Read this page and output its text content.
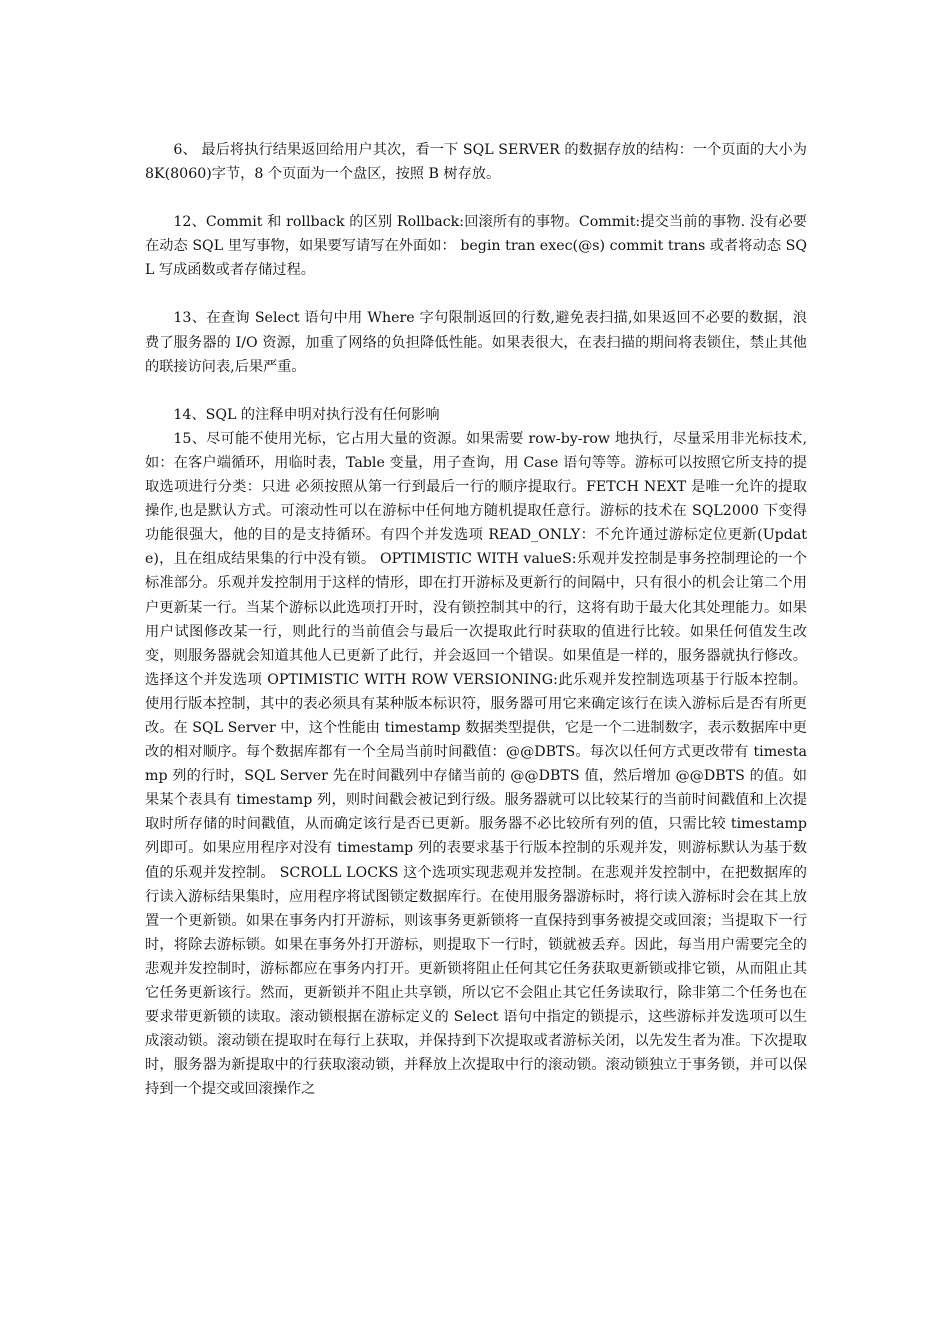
6、 最后将执行结果返回给用户其次，看一下 SQL SERVER 的数据存放的结构：一个页面的大小为 8K(8060)字节，8 个页面为一个盘区，按照 B 树存放。

12、Commit 和 rollback 的区别 Rollback:回滚所有的事物。Commit:提交当前的事物. 没有必要在动态 SQL 里写事物，如果要写请写在外面如： begin tran exec(@s) commit trans 或者将动态 SQL 写成函数或者存储过程。

13、在查询 Select 语句中用 Where 字句限制返回的行数,避免表扫描,如果返回不必要的数据，浪费了服务器的 I/O 资源，加重了网络的负担降低性能。如果表很大，在表扫描的期间将表锁住，禁止其他的联接访问表,后果严重。

14、SQL 的注释申明对执行没有任何影响

15、尽可能不使用光标，它占用大量的资源。如果需要 row-by-row 地执行，尽量采用非光标技术,如：在客户端循环，用临时表，Table 变量，用子查询，用 Case 语句等等。游标可以按照它所支持的提取选项进行分类：只进 必须按照从第一行到最后一行的顺序提取行。FETCH NEXT 是唯一允许的提取操作,也是默认方式。可滚动性可以在游标中任何地方随机提取任意行。游标的技术在 SQL2000 下变得功能很强大，他的目的是支持循环。有四个并发选项 READ_ONLY：不允许通过游标定位更新(Update)，且在组成结果集的行中没有锁。 OPTIMISTIC WITH valueS:乐观并发控制是事务控制理论的一个标准部分。乐观并发控制用于这样的情形，即在打开游标及更新行的间隔中，只有很小的机会让第二个用户更新某一行。当某个游标以此选项打开时，没有锁控制其中的行，这将有助于最大化其处理能力。如果用户试图修改某一行，则此行的当前值会与最后一次提取此行时获取的值进行比较。如果任何值发生改变，则服务器就会知道其他人已更新了此行，并会返回一个错误。如果值是一样的，服务器就执行修改。选择这个并发选项 OPTIMISTIC WITH ROW VERSIONING:此乐观并发控制选项基于行版本控制。使用行版本控制，其中的表必须具有某种版本标识符，服务器可用它来确定该行在读入游标后是否有所更改。在 SQL Server 中，这个性能由 timestamp 数据类型提供，它是一个二进制数字，表示数据库中更改的相对顺序。每个数据库都有一个全局当前时间戳值：@@DBTS。每次以任何方式更改带有 timestamp 列的行时，SQL Server 先在时间戳列中存储当前的 @@DBTS 值，然后增加 @@DBTS 的值。如果某个表具有 timestamp 列，则时间戳会被记到行级。服务器就可以比较某行的当前时间戳值和上次提取时所存储的时间戳值，从而确定该行是否已更新。服务器不必比较所有列的值，只需比较 timestamp 列即可。如果应用程序对没有 timestamp 列的表要求基于行版本控制的乐观并发，则游标默认为基于数值的乐观并发控制。 SCROLL LOCKS 这个选项实现悲观并发控制。在悲观并发控制中，在把数据库的行读入游标结果集时，应用程序将试图锁定数据库行。在使用服务器游标时，将行读入游标时会在其上放置一个更新锁。如果在事务内打开游标，则该事务更新锁将一直保持到事务被提交或回滚；当提取下一行时，将除去游标锁。如果在事务外打开游标，则提取下一行时，锁就被丢弃。因此，每当用户需要完全的悲观并发控制时，游标都应在事务内打开。更新锁将阻止任何其它任务获取更新锁或排它锁，从而阻止其它任务更新该行。然而，更新锁并不阻止共享锁，所以它不会阻止其它任务读取行，除非第二个任务也在要求带更新锁的读取。滚动锁根据在游标定义的 Select 语句中指定的锁提示，这些游标并发选项可以生成滚动锁。滚动锁在提取时在每行上获取，并保持到下次提取或者游标关闭，以先发生者为准。下次提取时，服务器为新提取中的行获取滚动锁，并释放上次提取中行的滚动锁。滚动锁独立于事务锁，并可以保持到一个提交或回滚操作之
